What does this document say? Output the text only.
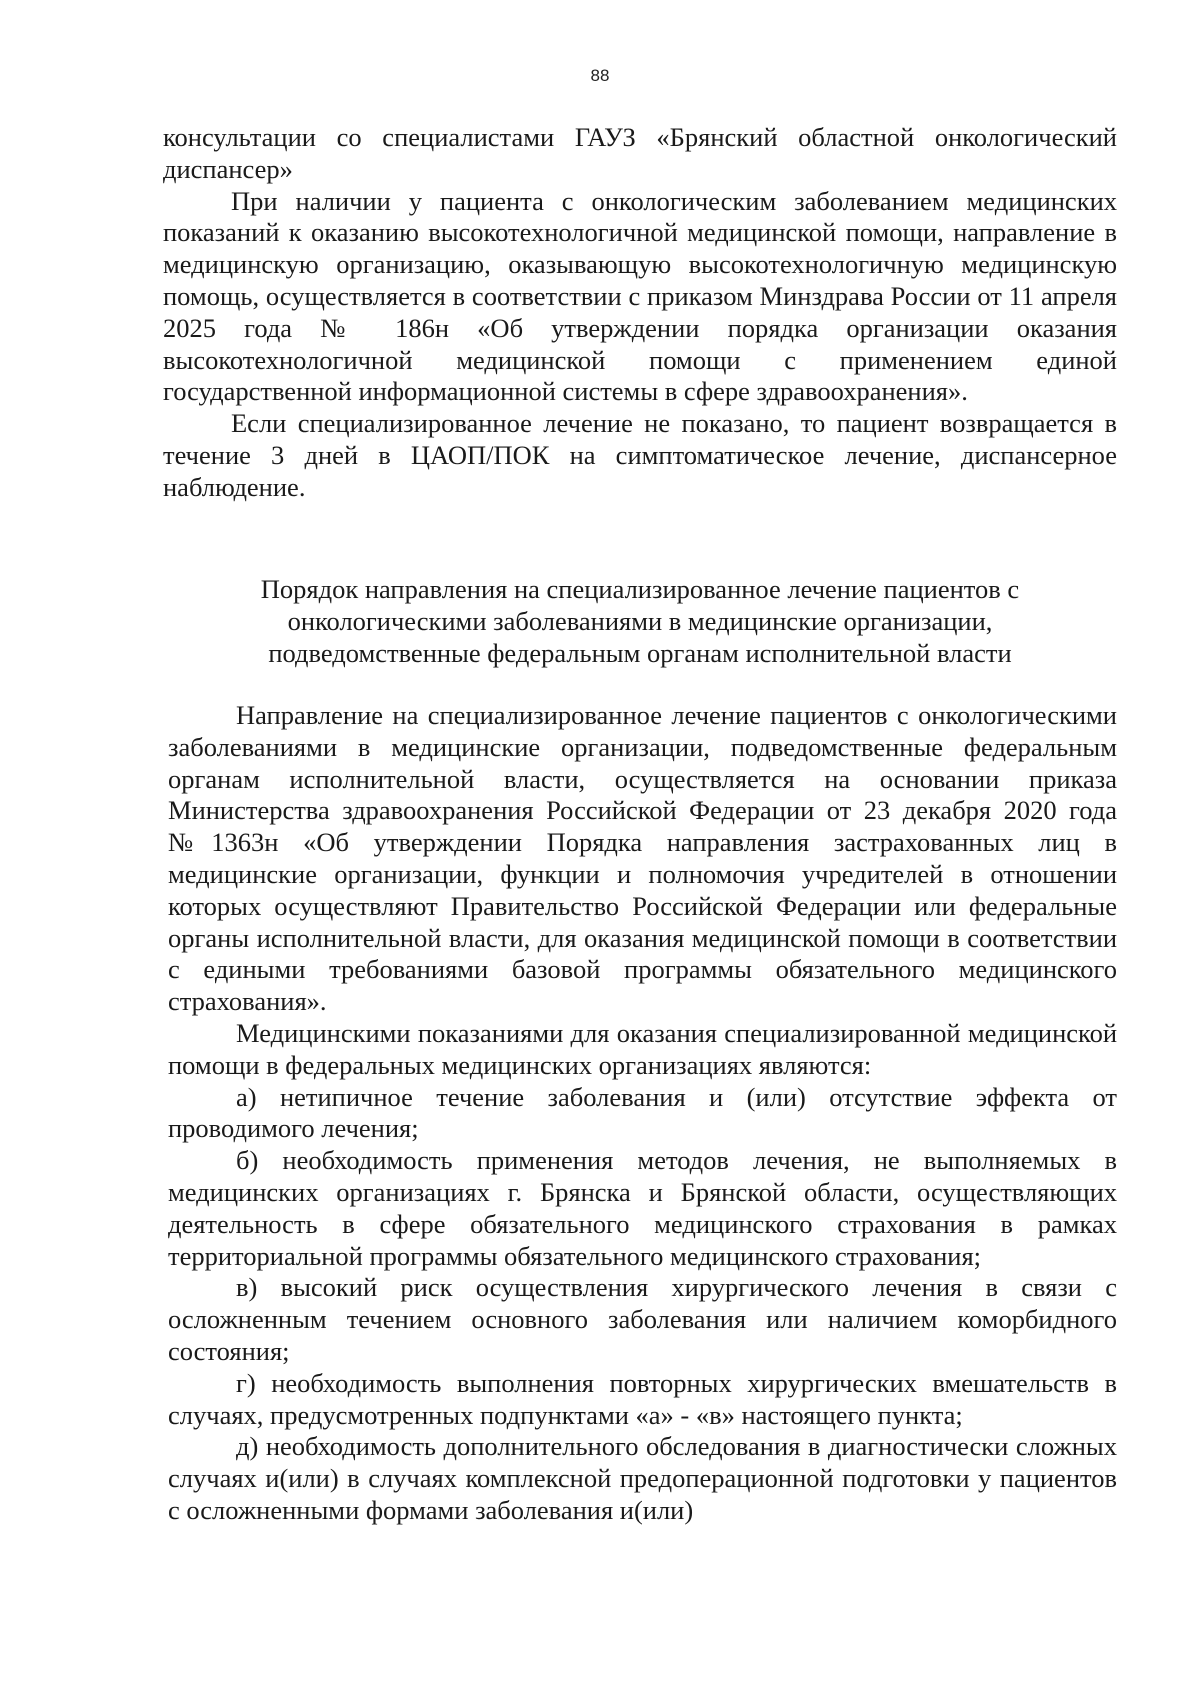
88

консультации со специалистами ГАУЗ «Брянский областной онкологический диспансер»

При наличии у пациента с онкологическим заболеванием медицинских показаний к оказанию высокотехнологичной медицинской помощи, направление в медицинскую организацию, оказывающую высокотехнологичную медицинскую помощь, осуществляется в соответствии с приказом Минздрава России от 11 апреля 2025 года № 186н «Об утверждении порядка организации оказания высокотехнологичной медицинской помощи с применением единой государственной информационной системы в сфере здравоохранения».

Если специализированное лечение не показано, то пациент возвращается в течение 3 дней в ЦАОП/ПОК на симптоматическое лечение, диспансерное наблюдение.

Порядок направления на специализированное лечение пациентов с
онкологическими заболеваниями в медицинские организации,
подведомственные федеральным органам исполнительной власти

Направление на специализированное лечение пациентов с онкологическими заболеваниями в медицинские организации, подведомственные федеральным органам исполнительной власти, осуществляется на основании приказа Министерства здравоохранения Российской Федерации от 23 декабря 2020 года №1363н «Об утверждении Порядка направления застрахованных лиц в медицинские организации, функции и полномочия учредителей в отношении которых осуществляют Правительство Российской Федерации или федеральные органы исполнительной власти, для оказания медицинской помощи в соответствии с едиными требованиями базовой программы обязательного медицинского страхования».

Медицинскими показаниями для оказания специализированной медицинской помощи в федеральных медицинских организациях являются:

а) нетипичное течение заболевания и (или) отсутствие эффекта от проводимого лечения;

б) необходимость применения методов лечения, не выполняемых в медицинских организациях г. Брянска и Брянской области, осуществляющих деятельность в сфере обязательного медицинского страхования в рамках территориальной программы обязательного медицинского страхования;

в) высокий риск осуществления хирургического лечения в связи с осложненным течением основного заболевания или наличием коморбидного состояния;

г) необходимость выполнения повторных хирургических вмешательств в случаях, предусмотренных подпунктами «а» - «в» настоящего пункта;

д) необходимость дополнительного обследования в диагностически сложных случаях и(или) в случаях комплексной предоперационной подготовки у пациентов с осложненными формами заболевания и(или)
